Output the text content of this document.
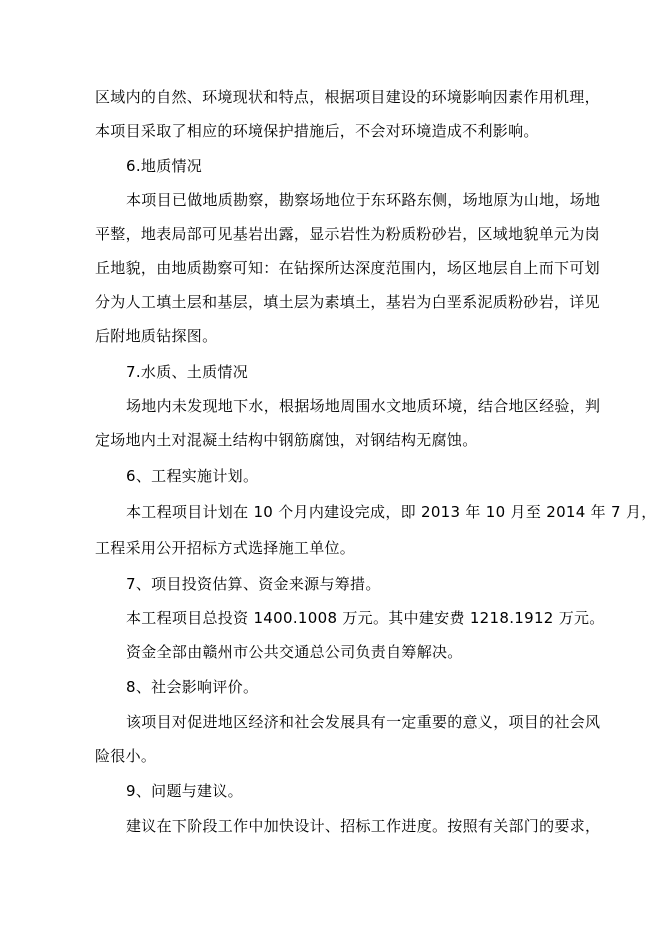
区域内的自然、环境现状和特点，根据项目建设的环境影响因素作用机理，
本项目采取了相应的环境保护措施后，不会对环境造成不利影响。
6.地质情况
本项目已做地质勘察，勘察场地位于东环路东侧，场地原为山地，场地
平整，地表局部可见基岩出露，显示岩性为粉质粉砂岩，区域地貌单元为岗
丘地貌，由地质勘察可知：在钻探所达深度范围内，场区地层自上而下可划
分为人工填土层和基层，填土层为素填土，基岩为白垩系泥质粉砂岩，详见
后附地质钻探图。
7.水质、土质情况
场地内未发现地下水，根据场地周围水文地质环境，结合地区经验，判
定场地内土对混凝土结构中钢筋腐蚀，对钢结构无腐蚀。
6、工程实施计划。
本工程项目计划在 10 个月内建设完成，即 2013 年 10 月至 2014 年 7 月，
工程采用公开招标方式选择施工单位。
7、项目投资估算、资金来源与筹措。
本工程项目总投资 1400.1008 万元。其中建安费 1218.1912 万元。
资金全部由赣州市公共交通总公司负责自筹解决。
8、社会影响评价。
该项目对促进地区经济和社会发展具有一定重要的意义，项目的社会风
险很小。
9、问题与建议。
建议在下阶段工作中加快设计、招标工作进度。按照有关部门的要求，
